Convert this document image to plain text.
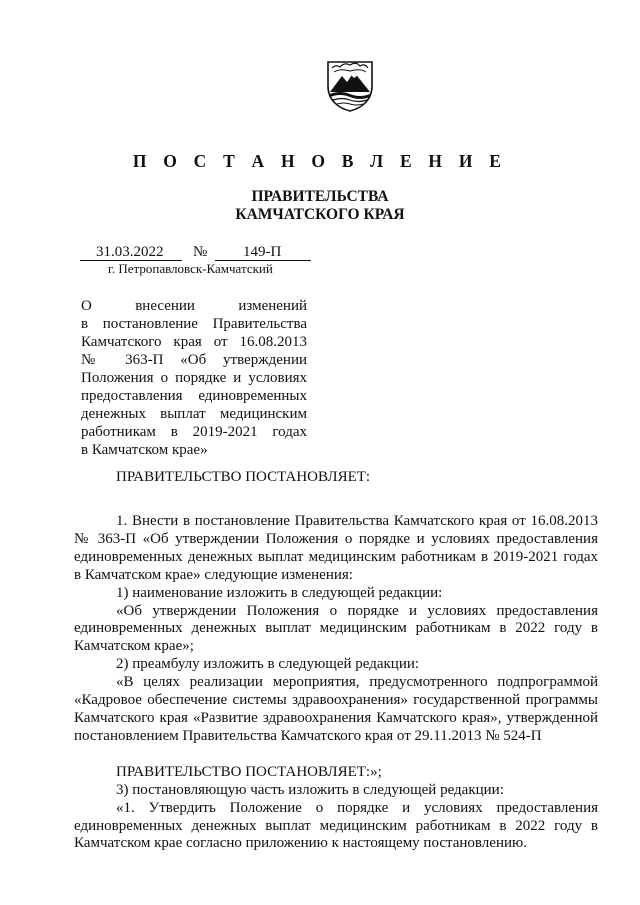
П О С Т А Н О В Л Е Н И Е
ПРАВИТЕЛЬСТВА
КАМЧАТСКОГО КРАЯ
31.03.2022 № 149-П
г. Петропавловск-Камчатский
О внесении изменений
в постановление Правительства
Камчатского края от 16.08.2013
№ 363-П «Об утверждении
Положения о порядке и условиях
предоставления единовременных
денежных выплат медицинским
работникам в 2019-2021 годах
в Камчатском крае»
ПРАВИТЕЛЬСТВО ПОСТАНОВЛЯЕТ:

1. Внести в постановление Правительства Камчатского края от 16.08.2013 № 363-П «Об утверждении Положения о порядке и условиях предоставления единовременных денежных выплат медицинским работникам в 2019-2021 годах в Камчатском крае» следующие изменения:

1) наименование изложить в следующей редакции:

«Об утверждении Положения о порядке и условиях предоставления единовременных денежных выплат медицинским работникам в 2022 году в Камчатском крае»;

2) преамбулу изложить в следующей редакции:

«В целях реализации мероприятия, предусмотренного подпрограммой «Кадровое обеспечение системы здравоохранения» государственной программы Камчатского края «Развитие здравоохранения Камчатского края», утвержденной постановлением Правительства Камчатского края от 29.11.2013 № 524-П

ПРАВИТЕЛЬСТВО ПОСТАНОВЛЯЕТ:»;

3) постановляющую часть изложить в следующей редакции:

«1. Утвердить Положение о порядке и условиях предоставления единовременных денежных выплат медицинским работникам в 2022 году в Камчатском крае согласно приложению к настоящему постановлению.
